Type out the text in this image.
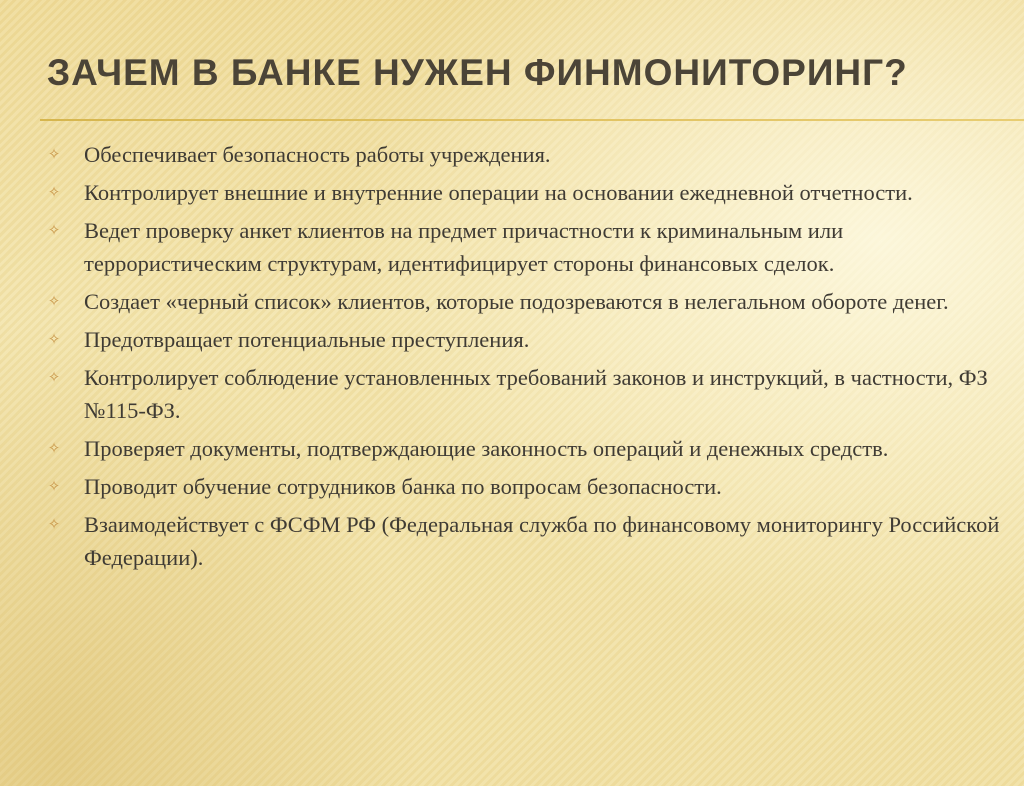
ЗАЧЕМ В БАНКЕ НУЖЕН ФИНМОНИТОРИНГ?
✧ Обеспечивает безопасность работы учреждения.
✧ Контролирует внешние и внутренние операции на основании ежедневной отчетности.
✧ Ведет проверку анкет клиентов на предмет причастности к криминальным или террористическим структурам, идентифицирует стороны финансовых сделок.
✧ Создает «черный список» клиентов, которые подозреваются в нелегальном обороте денег.
✧ Предотвращает потенциальные преступления.
✧ Контролирует соблюдение установленных требований законов и инструкций, в частности, ФЗ №115-ФЗ.
✧ Проверяет документы, подтверждающие законность операций и денежных средств.
✧ Проводит обучение сотрудников банка по вопросам безопасности.
✧ Взаимодействует с ФСФМ РФ (Федеральная служба по финансовому мониторингу Российской Федерации).
